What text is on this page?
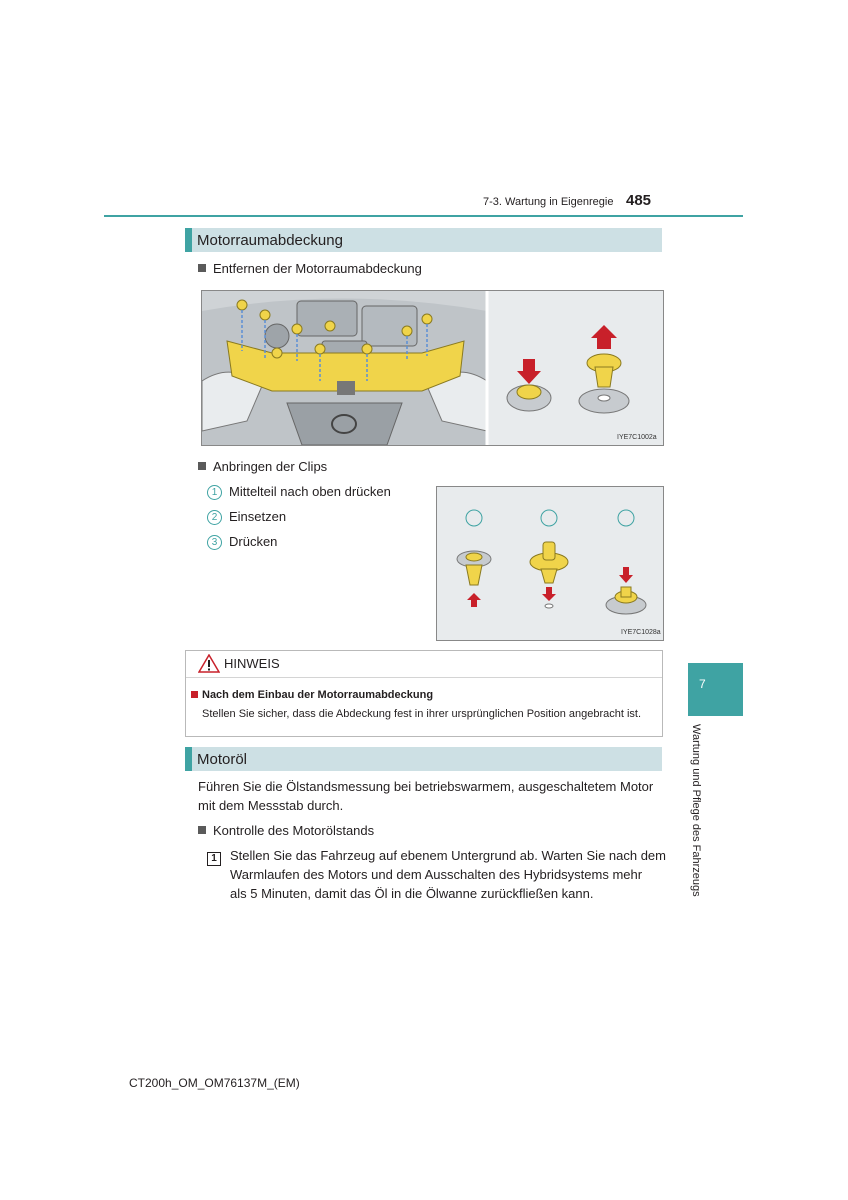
7-3. Wartung in Eigenregie 485
Motorraumabdeckung
Entfernen der Motorraumabdeckung
IYE7C1002a
Anbringen der Clips
1 Mittelteil nach oben drücken
2 Einsetzen
3 Drücken
IYE7C1028a
HINWEIS
Nach dem Einbau der Motorraumabdeckung
Stellen Sie sicher, dass die Abdeckung fest in ihrer ursprünglichen Position angebracht ist.
Motoröl
Führen Sie die Ölstandsmessung bei betriebswarmem, ausgeschaltetem Motor
mit dem Messstab durch.
Kontrolle des Motorölstands
1	Stellen Sie das Fahrzeug auf ebenem Untergrund ab. Warten Sie nach dem
Warmlaufen des Motors und dem Ausschalten des Hybridsystems mehr
als 5 Minuten, damit das Öl in die Ölwanne zurückfließen kann.
7
Wartung und Pflege des Fahrzeugs
CT200h_OM_OM76137M_(EM)
